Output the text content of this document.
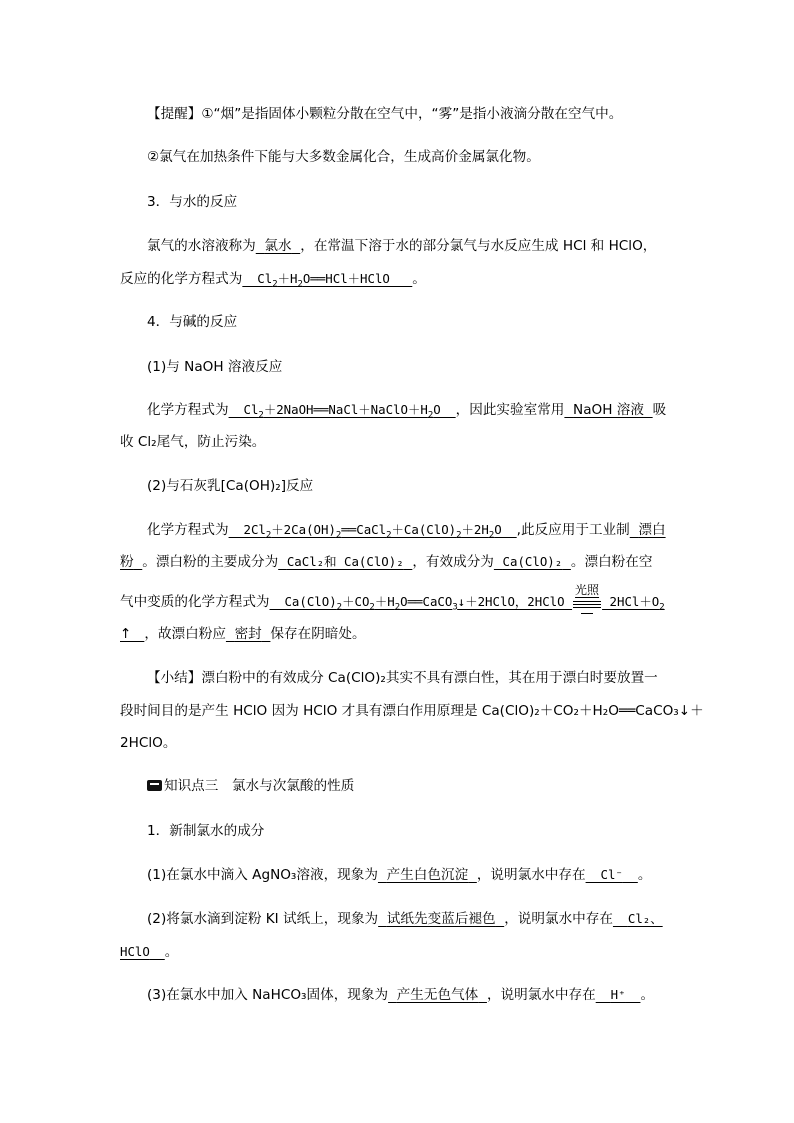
【提醒】①“烟”是指固体小颗粒分散在空气中，“雾”是指小液滴分散在空气中。
②氯气在加热条件下能与大多数金属化合，生成高价金属氯化物。
3．与水的反应
氯气的水溶液称为 氯水 ，在常温下溶于水的部分氯气与水反应生成 HCl 和 HClO，
反应的化学方程式为  $Cl_2+H_2O══HCl+HClO$   。
4．与碱的反应
(1)与 NaOH 溶液反应
化学方程式为  $Cl_2+2NaOH══NaCl+NaClO+H_2O$  ，因此实验室常用 NaOH 溶液 吸
收 Cl₂尾气，防止污染。
(2)与石灰乳[Ca(OH)₂]反应
化学方程式为  $2Cl_2+2Ca(OH)_2══CaCl_2+Ca(ClO)_2+2H_2O$  ,此反应用于工业制 漂白
粉 。漂白粉的主要成分为 CaCl₂和 Ca(ClO)₂ ，有效成分为 Ca(ClO)₂ 。漂白粉在空
气中变质的化学方程式为  $Ca(ClO)_2+CO_2+H_2O══CaCO_3↓+2HClO$，2HClO
光照
$2HCl+O_2$
↑   ，故漂白粉应 密封 保存在阴暗处。
【小结】漂白粉中的有效成分 Ca(ClO)₂其实不具有漂白性，其在用于漂白时要放置一
段时间目的是产生 HClO 因为 HClO 才具有漂白作用原理是 Ca(ClO)₂＋CO₂＋H₂O══CaCO₃↓＋
2HClO。
知识点三　氯水与次氯酸的性质
1．新制氯水的成分
(1)在氯水中滴入 AgNO₃溶液，现象为 产生白色沉淀 ，说明氯水中存在 Cl⁻ 。
(2)将氯水滴到淀粉 KI 试纸上，现象为 试纸先变蓝后褪色 ，说明氯水中存在 Cl₂、
HClO 。
(3)在氯水中加入 NaHCO₃固体，现象为 产生无色气体 ，说明氯水中存在 H⁺ 。
